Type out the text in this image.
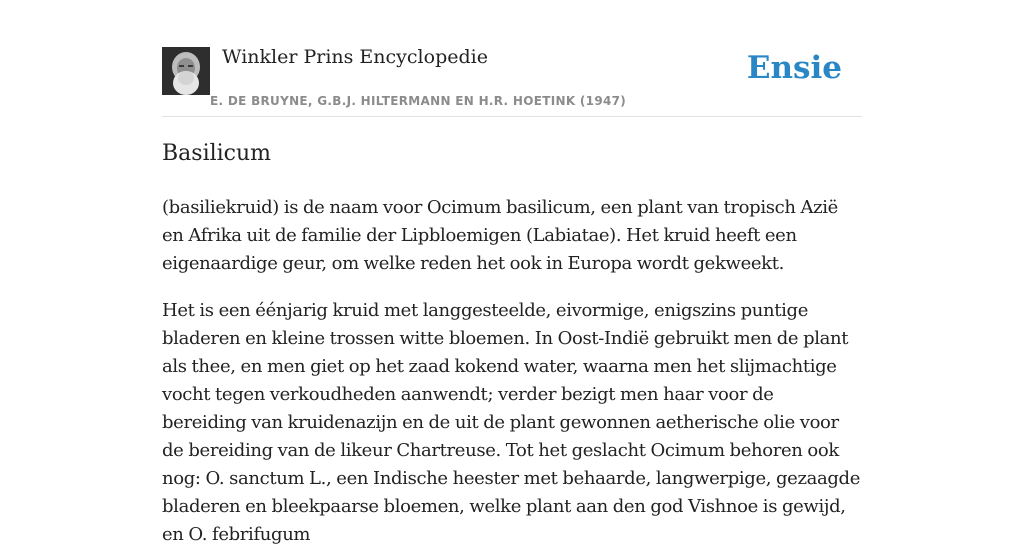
Winkler Prins Encyclopedie
E. DE BRUYNE, G.B.J. HILTERMANN EN H.R. HOETINK (1947)
Ensie
Basilicum

(basiliekruid) is de naam voor Ocimum basilicum, een plant van tropisch Azië en Afrika uit de familie der Lipbloemigen (Labiatae). Het kruid heeft een eigenaardige geur, om welke reden het ook in Europa wordt gekweekt.

Het is een éénjarig kruid met langgesteelde, eivormige, enigszins puntige bladeren en kleine trossen witte bloemen. In Oost-Indië gebruikt men de plant als thee, en men giet op het zaad kokend water, waarna men het slijmachtige vocht tegen verkoudheden aanwendt; verder bezigt men haar voor de bereiding van kruidenazijn en de uit de plant gewonnen aetherische olie voor de bereiding van de likeur Chartreuse. Tot het geslacht Ocimum behoren ook nog: O. sanctum L., een Indische heester met behaarde, langwerpige, gezaagde bladeren en bleekpaarse bloemen, welke plant aan den god Vishnoe is gewijd, en O. febrifugum
